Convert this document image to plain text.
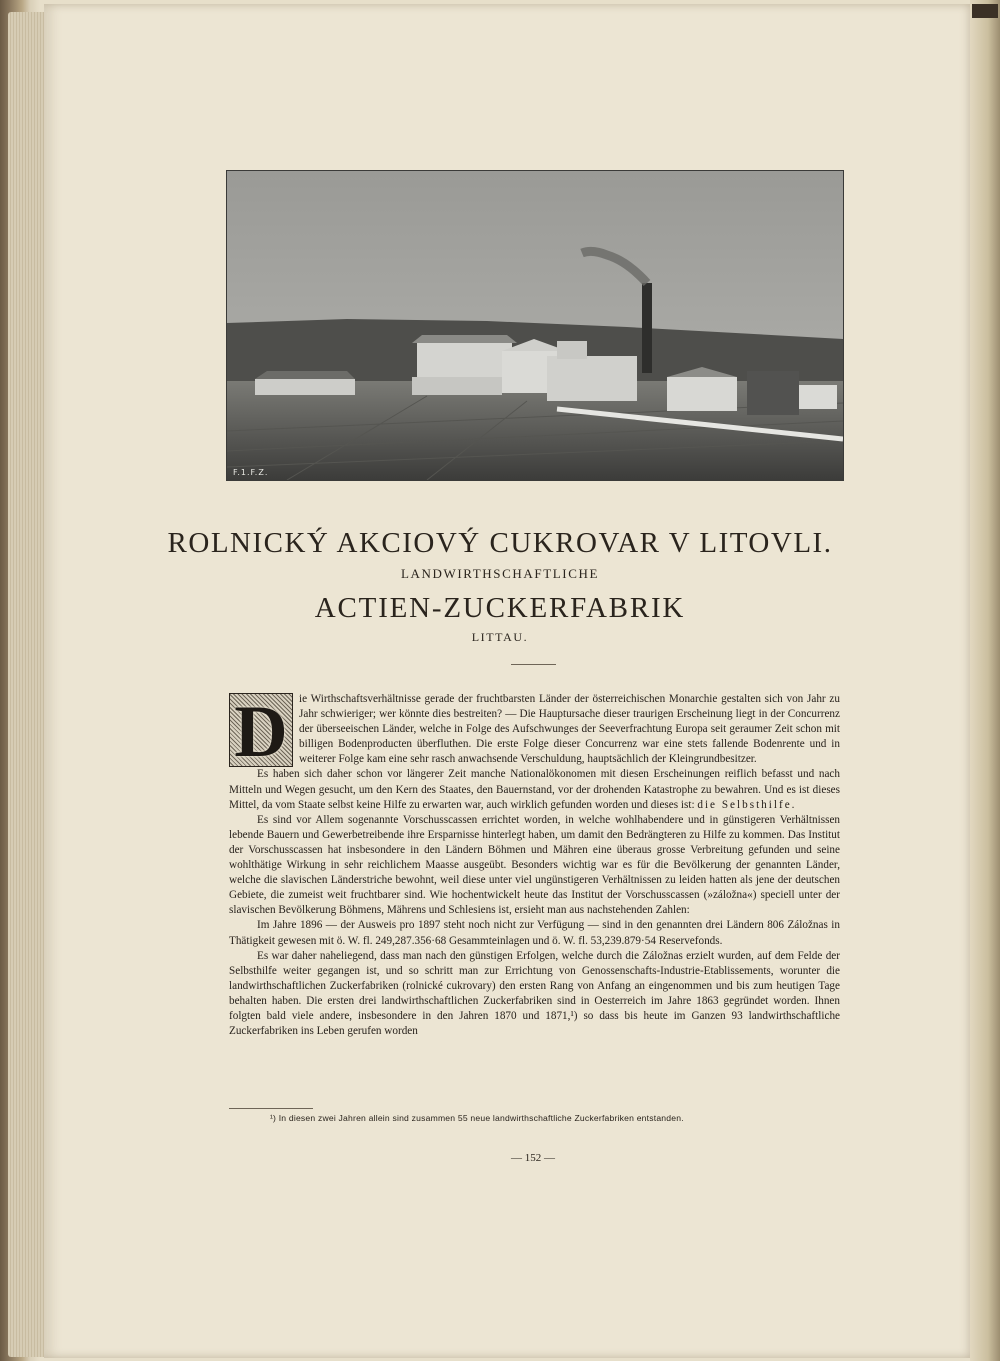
F.1.F.Z.
ROLNICKÝ AKCIOVÝ CUKROVAR V LITOVLI.
LANDWIRTHSCHAFTLICHE
ACTIEN-ZUCKERFABRIK
LITTAU.
D	ie Wirthschaftsverhältnisse gerade der fruchtbarsten Länder der österreichischen Monarchie gestalten sich von Jahr zu Jahr schwieriger; wer könnte dies bestreiten? — Die Hauptursache dieser traurigen Erscheinung liegt in der Concurrenz der überseeischen Länder, welche in Folge des Aufschwunges der Seeverfrachtung Europa seit geraumer Zeit schon mit billigen Bodenproducten überfluthen. Die erste Folge dieser Concurrenz war eine stets fallende Bodenrente und in weiterer Folge kam eine sehr rasch anwachsende Verschuldung, hauptsächlich der Kleingrundbesitzer.

Es haben sich daher schon vor längerer Zeit manche Nationalökonomen mit diesen Erscheinungen reiflich befasst und nach Mitteln und Wegen gesucht, um den Kern des Staates, den Bauernstand, vor der drohenden Katastrophe zu bewahren. Und es ist dieses Mittel, da vom Staate selbst keine Hilfe zu erwarten war, auch wirklich gefunden worden und dieses ist: die Selbsthilfe.

Es sind vor Allem sogenannte Vorschusscassen errichtet worden, in welche wohlhabendere und in günstigeren Verhältnissen lebende Bauern und Gewerbetreibende ihre Ersparnisse hinterlegt haben, um damit den Bedrängteren zu Hilfe zu kommen. Das Institut der Vorschusscassen hat insbesondere in den Ländern Böhmen und Mähren eine überaus grosse Verbreitung gefunden und seine wohlthätige Wirkung in sehr reichlichem Maasse ausgeübt. Besonders wichtig war es für die Bevölkerung der genannten Länder, welche die slavischen Länderstriche bewohnt, weil diese unter viel ungünstigeren Verhältnissen zu leiden hatten als jene der deutschen Gebiete, die zumeist weit fruchtbarer sind. Wie hochentwickelt heute das Institut der Vorschusscassen (»záložna«) speciell unter der slavischen Bevölkerung Böhmens, Mährens und Schlesiens ist, ersieht man aus nachstehenden Zahlen:

Im Jahre 1896 — der Ausweis pro 1897 steht noch nicht zur Verfügung — sind in den genannten drei Ländern 806 Záložnas in Thätigkeit gewesen mit ö. W. fl. 249,287.356·68 Gesammteinlagen und ö. W. fl. 53,239.879·54 Reservefonds.

Es war daher naheliegend, dass man nach den günstigen Erfolgen, welche durch die Záložnas erzielt wurden, auf dem Felde der Selbsthilfe weiter gegangen ist, und so schritt man zur Errichtung von Genossenschafts-Industrie-Etablissements, worunter die landwirthschaftlichen Zuckerfabriken (rolnické cukrovary) den ersten Rang von Anfang an eingenommen und bis zum heutigen Tage behalten haben. Die ersten drei landwirthschaftlichen Zuckerfabriken sind in Oesterreich im Jahre 1863 gegründet worden. Ihnen folgten bald viele andere, insbesondere in den Jahren 1870 und 1871,¹) so dass bis heute im Ganzen 93 landwirthschaftliche Zuckerfabriken ins Leben gerufen worden

¹) In diesen zwei Jahren allein sind zusammen 55 neue landwirthschaftliche Zuckerfabriken entstanden.
— 152 —
